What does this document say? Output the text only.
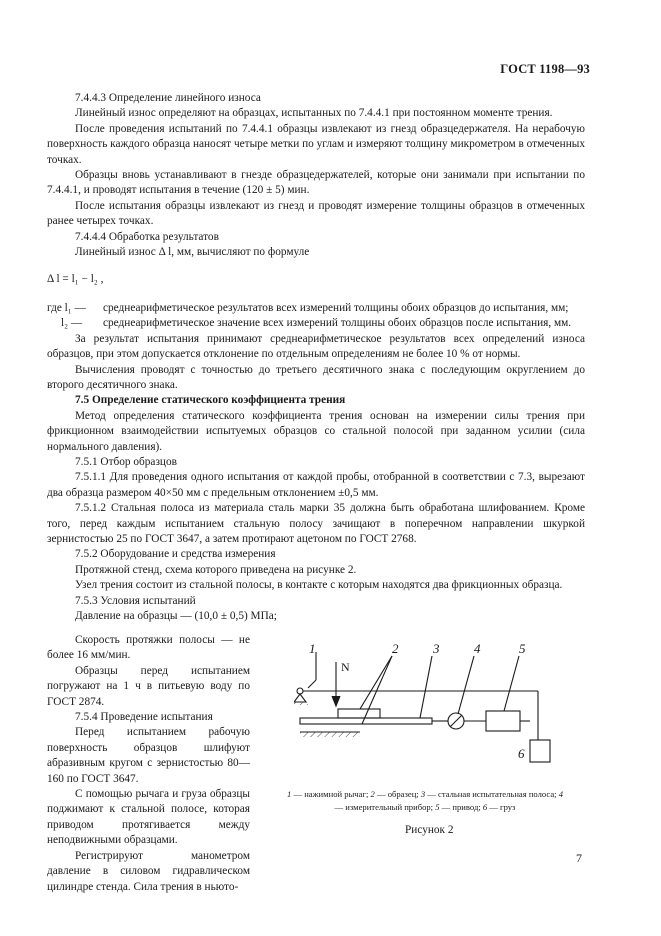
ГОСТ 1198—93

7.4.4.3 Определение линейного износа

Линейный износ определяют на образцах, испытанных по 7.4.4.1 при постоянном моменте трения.

После проведения испытаний по 7.4.4.1 образцы извлекают из гнезд образцедержателя. На нерабочую поверхность каждого образца наносят четыре метки по углам и измеряют толщину микрометром в отмеченных точках.

Образцы вновь устанавливают в гнезде образцедержателей, которые они занимали при испытании по 7.4.4.1, и проводят испытания в течение (120 ± 5) мин.

После испытания образцы извлекают из гнезд и проводят измерение толщины образцов в отмеченных ранее четырех точках.

7.4.4.4 Обработка результатов

Линейный износ Δ l, мм, вычисляют по формуле

Δ l = l₁ − l₂ ,

где l₁ —	среднеарифметическое результатов всех измерений толщины обоих образцов до испытания, мм;

l₂ —	среднеарифметическое значение всех измерений толщины обоих образцов после испытания, мм.

За результат испытания принимают среднеарифметическое результатов всех определений износа образцов, при этом допускается отклонение по отдельным определениям не более 10 % от нормы.

Вычисления проводят с точностью до третьего десятичного знака с последующим округлением до второго десятичного знака.

7.5 Определение статического коэффициента трения

Метод определения статического коэффициента трения основан на измерении силы трения при фрикционном взаимодействии испытуемых образцов со стальной полосой при заданном усилии (сила нормального давления).

7.5.1 Отбор образцов

7.5.1.1 Для проведения одного испытания от каждой пробы, отобранной в соответствии с 7.3, вырезают два образца размером 40×50 мм с предельным отклонением ±0,5 мм.

7.5.1.2 Стальная полоса из материала сталь марки 35 должна быть обработана шлифованием. Кроме того, перед каждым испытанием стальную полосу зачищают в поперечном направлении шкуркой зернистостью 25 по ГОСТ 3647, а затем протирают ацетоном по ГОСТ 2768.

7.5.2 Оборудование и средства измерения

Протяжной стенд, схема которого приведена на рисунке 2.

Узел трения состоит из стальной полосы, в контакте с которым находятся два фрикционных образца.

7.5.3 Условия испытаний

Давление на образцы — (10,0 ± 0,5) МПа;

Скорость протяжки полосы — не более 16 мм/мин.

Образцы перед испытанием погружают на 1 ч в питьевую воду по ГОСТ 2874.

7.5.4 Проведение испытания

Перед испытанием рабочую поверхность образцов шлифуют абразивным кругом с зернистостью 80—160 по ГОСТ 3647.

С помощью рычага и груза образцы поджимают к стальной полосе, которая приводом протягивается между неподвижными образцами.

Регистрируют манометром давление в силовом гидравлическом цилиндре стенда. Сила трения в ньюто-

1
N
2	3	4	5
6
1 — нажимной рычаг; 2 — образец; 3 — стальная испытательная полоса; 4 — измерительный прибор; 5 — привод; 6 — груз
Рисунок 2
7
